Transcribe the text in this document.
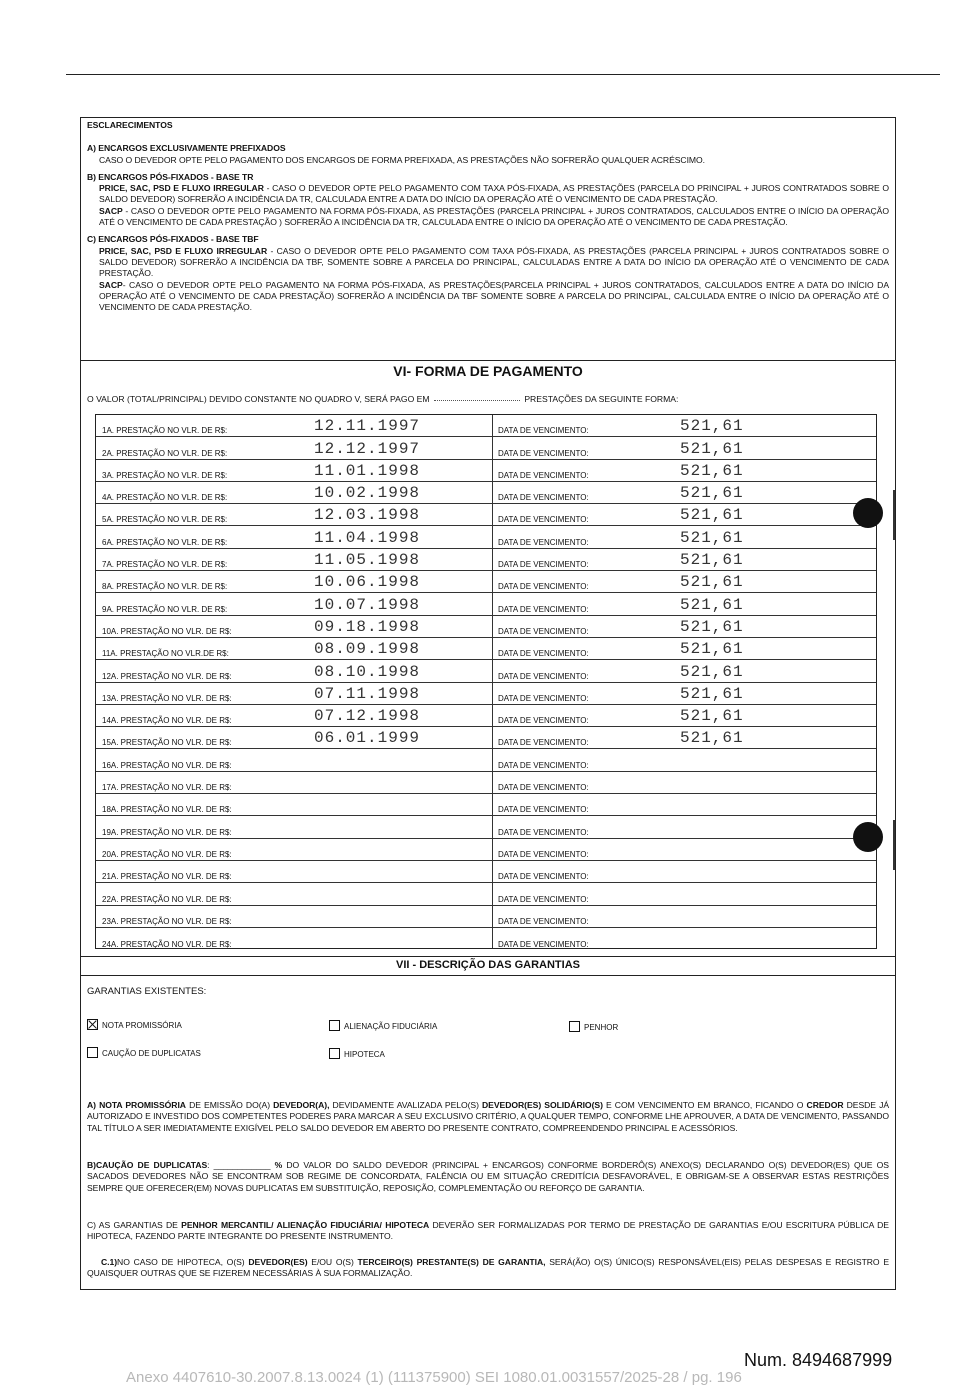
ESCLARECIMENTOS
A) ENCARGOS EXCLUSIVAMENTE PREFIXADOS
CASO O DEVEDOR OPTE PELO PAGAMENTO DOS ENCARGOS DE FORMA PREFIXADA, AS PRESTAÇÕES NÃO SOFRERÃO QUALQUER ACRÉSCIMO.
B) ENCARGOS PÓS-FIXADOS - BASE TR
PRICE, SAC, PSD E FLUXO IRREGULAR - CASO O DEVEDOR OPTE PELO PAGAMENTO COM TAXA PÓS-FIXADA, AS PRESTAÇÕES (PARCELA DO PRINCIPAL + JUROS CONTRATADOS SOBRE O SALDO DEVEDOR) SOFRERÃO A INCIDÊNCIA DA TR, CALCULADA ENTRE A DATA DO INÍCIO DA OPERAÇÃO ATÉ O VENCIMENTO DE CADA PRESTAÇÃO.
SACP - CASO O DEVEDOR OPTE PELO PAGAMENTO NA FORMA PÓS-FIXADA, AS PRESTAÇÕES (PARCELA PRINCIPAL + JUROS CONTRATADOS, CALCULADOS ENTRE O INÍCIO DA OPERAÇÃO ATÉ O VENCIMENTO DE CADA PRESTAÇÃO ) SOFRERÃO A INCIDÊNCIA DA TR, CALCULADA ENTRE O INÍCIO DA OPERAÇÃO ATÉ O VENCIMENTO DE CADA PRESTAÇÃO.
C) ENCARGOS PÓS-FIXADOS - BASE TBF
PRICE, SAC, PSD E FLUXO IRREGULAR - CASO O DEVEDOR OPTE PELO PAGAMENTO COM TAXA PÓS-FIXADA, AS PRESTAÇÕES (PARCELA PRINCIPAL + JUROS CONTRATADOS SOBRE O SALDO DEVEDOR) SOFRERÃO A INCIDÊNCIA DA TBF, SOMENTE SOBRE A PARCELA DO PRINCIPAL, CALCULADAS ENTRE A DATA DO INÍCIO DA OPERAÇÃO ATÉ O VENCIMENTO DE CADA PRESTAÇÃO.
SACP- CASO O DEVEDOR OPTE PELO PAGAMENTO NA FORMA PÓS-FIXADA, AS PRESTAÇÕES(PARCELA PRINCIPAL + JUROS CONTRATADOS, CALCULADOS ENTRE A DATA DO INÍCIO DA OPERAÇÃO ATÉ O VENCIMENTO DE CADA PRESTAÇÃO) SOFRERÃO A INCIDÊNCIA DA TBF SOMENTE SOBRE A PARCELA DO PRINCIPAL, CALCULADA ENTRE O INÍCIO DA OPERAÇÃO ATÉ O VENCIMENTO DE CADA PRESTAÇÃO.
VI- FORMA DE PAGAMENTO
O VALOR (TOTAL/PRINCIPAL) DEVIDO CONSTANTE NO QUADRO V, SERÁ PAGO EM	PRESTAÇÕES DA SEGUINTE FORMA:
1A. PRESTAÇÃO NO VLR. DE R$:	12.11.1997	DATA DE VENCIMENTO:	521,61
2A. PRESTAÇÃO NO VLR. DE R$:	12.12.1997	DATA DE VENCIMENTO:	521,61
3A. PRESTAÇÃO NO VLR. DE R$:	11.01.1998	DATA DE VENCIMENTO:	521,61
4A. PRESTAÇÃO NO VLR. DE R$:	10.02.1998	DATA DE VENCIMENTO:	521,61
5A. PRESTAÇÃO NO VLR. DE R$:	12.03.1998	DATA DE VENCIMENTO:	521,61
6A. PRESTAÇÃO NO VLR. DE R$:	11.04.1998	DATA DE VENCIMENTO:	521,61
7A. PRESTAÇÃO NO VLR. DE R$:	11.05.1998	DATA DE VENCIMENTO:	521,61
8A. PRESTAÇÃO NO VLR. DE R$:	10.06.1998	DATA DE VENCIMENTO:	521,61
9A. PRESTAÇÃO NO VLR. DE R$:	10.07.1998	DATA DE VENCIMENTO:	521,61
10A. PRESTAÇÃO NO VLR. DE R$:	09.18.1998	DATA DE VENCIMENTO:	521,61
11A. PRESTAÇÃO NO VLR.DE R$:	08.09.1998	DATA DE VENCIMENTO:	521,61
12A. PRESTAÇÃO NO VLR. DE R$:	08.10.1998	DATA DE VENCIMENTO:	521,61
13A. PRESTAÇÃO NO VLR. DE R$:	07.11.1998	DATA DE VENCIMENTO:	521,61
14A. PRESTAÇÃO NO VLR. DE R$:	07.12.1998	DATA DE VENCIMENTO:	521,61
15A. PRESTAÇÃO NO VLR. DE R$:	06.01.1999	DATA DE VENCIMENTO:	521,61
16A. PRESTAÇÃO NO VLR. DE R$:	DATA DE VENCIMENTO:
17A. PRESTAÇÃO NO VLR. DE R$:	DATA DE VENCIMENTO:
18A. PRESTAÇÃO NO VLR. DE R$:	DATA DE VENCIMENTO:
19A. PRESTAÇÃO NO VLR. DE R$:	DATA DE VENCIMENTO:
20A. PRESTAÇÃO NO VLR. DE R$:	DATA DE VENCIMENTO:
21A. PRESTAÇÃO NO VLR. DE R$:	DATA DE VENCIMENTO:
22A. PRESTAÇÃO NO VLR. DE R$:	DATA DE VENCIMENTO:
23A. PRESTAÇÃO NO VLR. DE R$:	DATA DE VENCIMENTO:
24A. PRESTAÇÃO NO VLR. DE R$:	DATA DE VENCIMENTO:
VII - DESCRIÇÃO DAS GARANTIAS
GARANTIAS EXISTENTES:
NOTA PROMISSÓRIA	ALIENAÇÃO FIDUCIÁRIA	PENHOR
CAUÇÃO DE DUPLICATAS	HIPOTECA
A) NOTA PROMISSÓRIA DE EMISSÃO DO(A) DEVEDOR(A), DEVIDAMENTE AVALIZADA PELO(S) DEVEDOR(ES) SOLIDÁRIO(S) E COM VENCIMENTO EM BRANCO, FICANDO O CREDOR DESDE JÁ AUTORIZADO E INVESTIDO DOS COMPETENTES PODERES PARA MARCAR A SEU EXCLUSIVO CRITÉRIO, A QUALQUER TEMPO, CONFORME LHE APROUVER, A DATA DE VENCIMENTO, PASSANDO TAL TÍTULO A SER IMEDIATAMENTE EXIGÍVEL PELO SALDO DEVEDOR EM ABERTO DO PRESENTE CONTRATO, COMPREENDENDO PRINCIPAL E ACESSÓRIOS.
B)CAUÇÃO DE DUPLICATAS: ____________ % DO VALOR DO SALDO DEVEDOR (PRINCIPAL + ENCARGOS) CONFORME BORDERÔ(S) ANEXO(S) DECLARANDO O(S) DEVEDOR(ES) QUE OS SACADOS DEVEDORES NÃO SE ENCONTRAM SOB REGIME DE CONCORDATA, FALÊNCIA OU EM SITUAÇÃO CREDITÍCIA DESFAVORÁVEL, E OBRIGAM-SE A OBSERVAR ESTAS RESTRIÇÕES SEMPRE QUE OFERECER(EM) NOVAS DUPLICATAS EM SUBSTITUIÇÃO, REPOSIÇÃO, COMPLEMENTAÇÃO OU REFORÇO DE GARANTIA.
C) AS GARANTIAS DE PENHOR MERCANTIL/ ALIENAÇÃO FIDUCIÁRIA/ HIPOTECA DEVERÃO SER FORMALIZADAS POR TERMO DE PRESTAÇÃO DE GARANTIAS E/OU ESCRITURA PÚBLICA DE HIPOTECA, FAZENDO PARTE INTEGRANTE DO PRESENTE INSTRUMENTO.
C.1)NO CASO DE HIPOTECA, O(S) DEVEDOR(ES) E/OU O(S) TERCEIRO(S) PRESTANTE(S) DE GARANTIA, SERÁ(ÃO) O(S) ÚNICO(S) RESPONSÁVEL(EIS) PELAS DESPESAS E REGISTRO E QUAISQUER OUTRAS QUE SE FIZEREM NECESSÁRIAS À SUA FORMALIZAÇÃO.
Num. 8494687999
Anexo 4407610-30.2007.8.13.0024 (1) (111375900) SEI 1080.01.0031557/2025-28 / pg. 196
